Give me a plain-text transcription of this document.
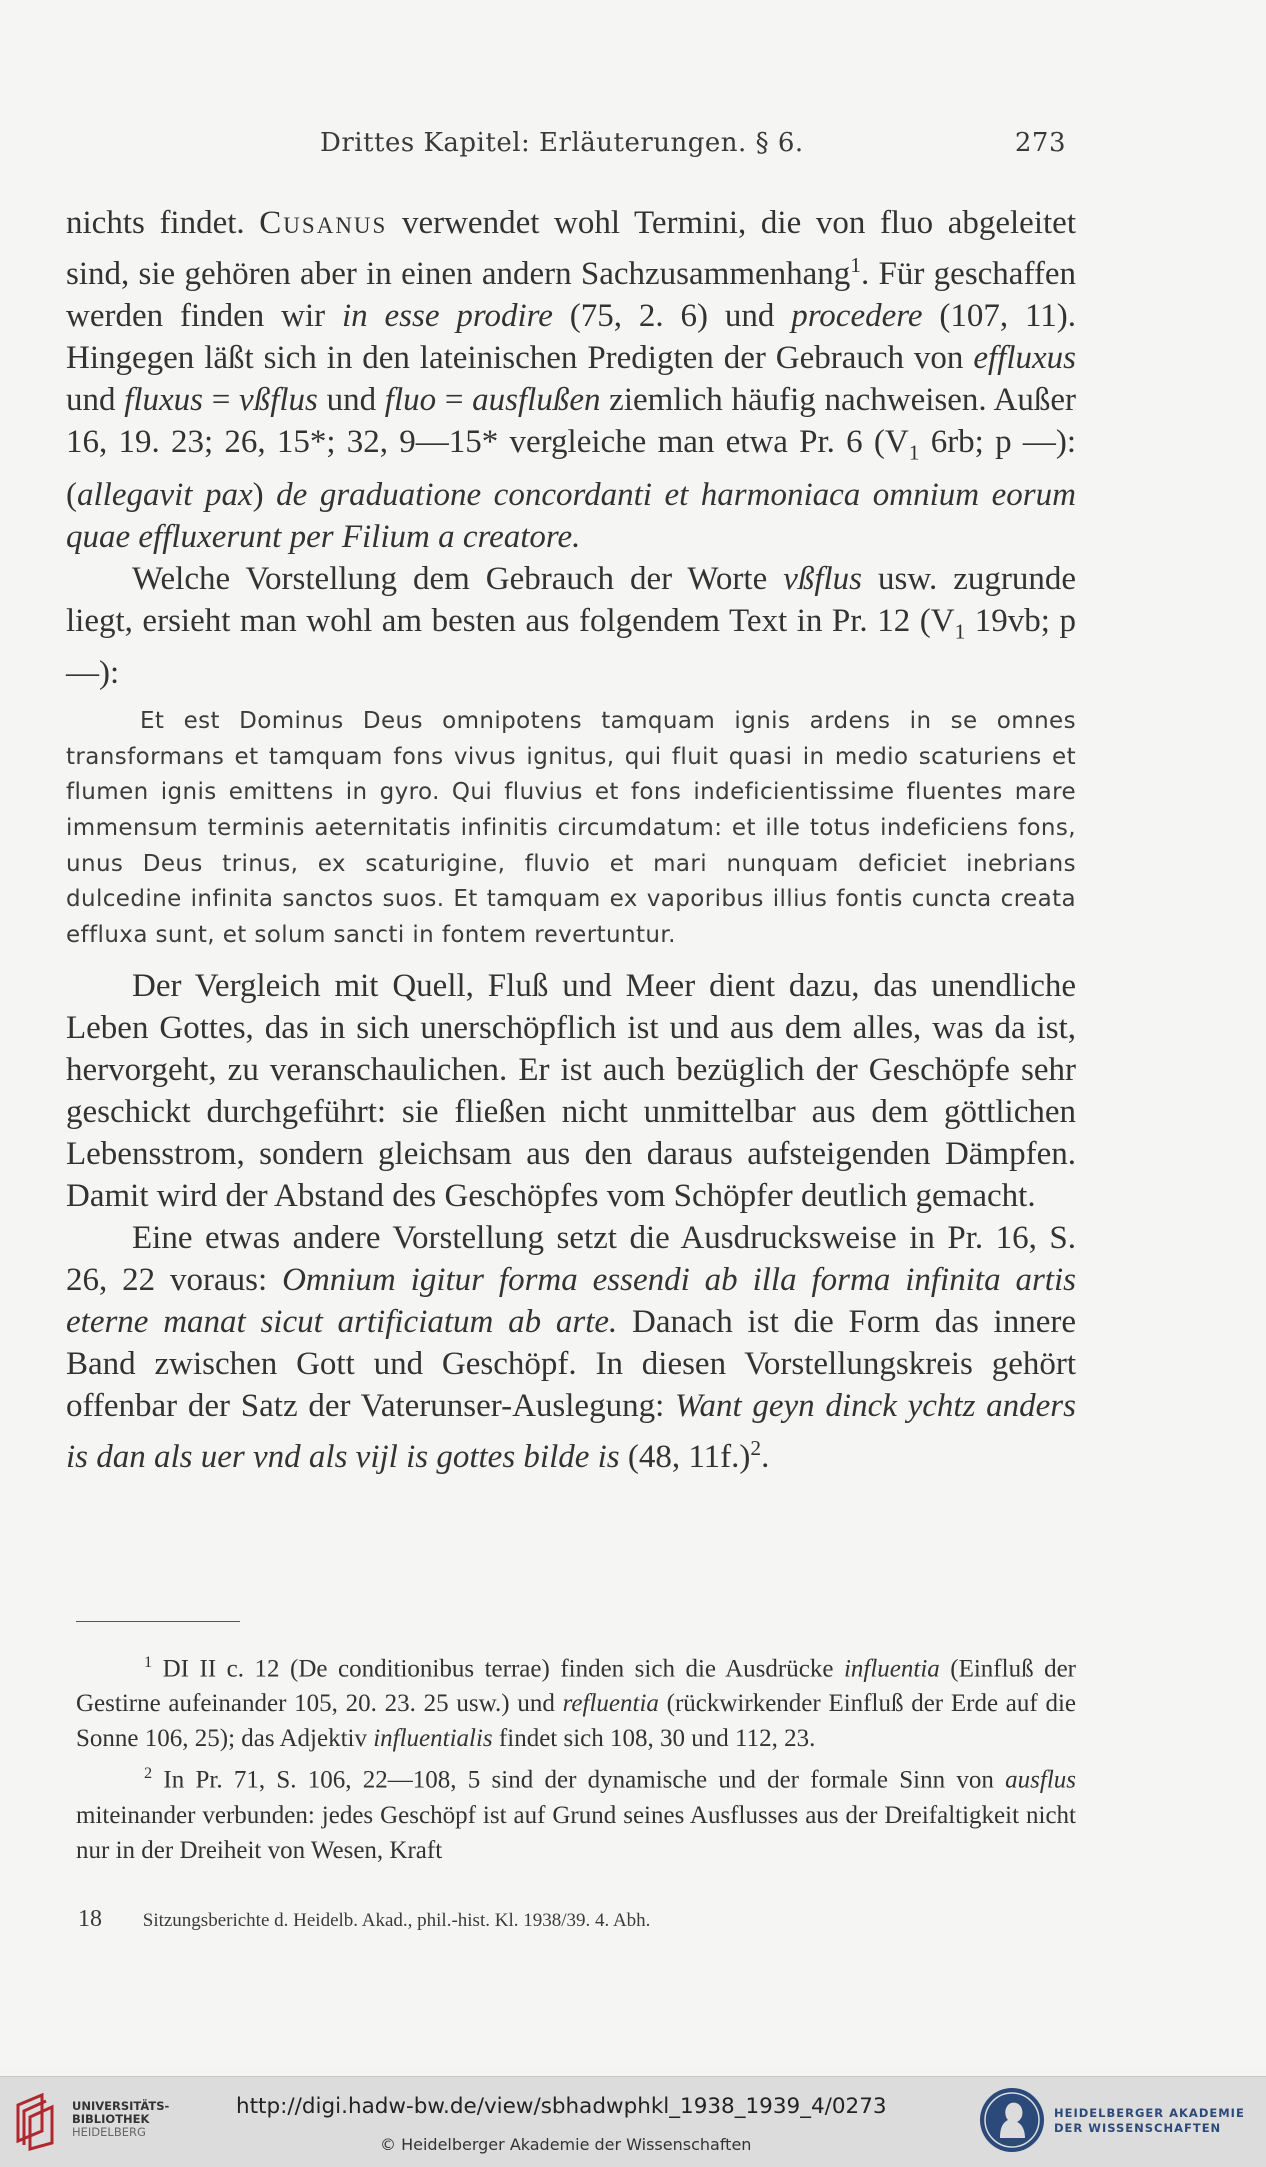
Drittes Kapitel: Erläuterungen. § 6.	273

nichts findet. Cusanus verwendet wohl Termini, die von fluo abgeleitet sind, sie gehören aber in einen andern Sachzusammenhang$^1$. Für geschaffen werden finden wir in esse prodire (75, 2. 6) und procedere (107, 11). Hingegen läßt sich in den lateinischen Predigten der Gebrauch von effluxus und fluxus = vßflus und fluo = ausflußen ziemlich häufig nachweisen. Außer 16, 19. 23; 26, 15*; 32, 9—15* vergleiche man etwa Pr. 6 ($V_1$ 6rb; p —): (allegavit pax) de graduatione concordanti et harmoniaca omnium eorum quae effluxerunt per Filium a creatore.

Welche Vorstellung dem Gebrauch der Worte vßflus usw. zugrunde liegt, ersieht man wohl am besten aus folgendem Text in Pr. 12 ($V_1$ 19vb; p —):

Et est Dominus Deus omnipotens tamquam ignis ardens in se omnes transformans et tamquam fons vivus ignitus, qui fluit quasi in medio scaturiens et flumen ignis emittens in gyro. Qui fluvius et fons indeficientissime fluentes mare immensum terminis aeternitatis infinitis circumdatum: et ille totus indeficiens fons, unus Deus trinus, ex scaturigine, fluvio et mari nunquam deficiet inebrians dulcedine infinita sanctos suos. Et tamquam ex vaporibus illius fontis cuncta creata effluxa sunt, et solum sancti in fontem revertuntur.

Der Vergleich mit Quell, Fluß und Meer dient dazu, das unendliche Leben Gottes, das in sich unerschöpflich ist und aus dem alles, was da ist, hervorgeht, zu veranschaulichen. Er ist auch bezüglich der Geschöpfe sehr geschickt durchgeführt: sie fließen nicht unmittelbar aus dem göttlichen Lebensstrom, sondern gleichsam aus den daraus aufsteigenden Dämpfen. Damit wird der Abstand des Geschöpfes vom Schöpfer deutlich gemacht.

Eine etwas andere Vorstellung setzt die Ausdrucksweise in Pr. 16, S. 26, 22 voraus: Omnium igitur forma essendi ab illa forma infinita artis eterne manat sicut artificiatum ab arte. Danach ist die Form das innere Band zwischen Gott und Geschöpf. In diesen Vorstellungskreis gehört offenbar der Satz der Vaterunser-Auslegung: Want geyn dinck ychtz anders is dan als uer vnd als vijl is gottes bilde is (48, 11f.)$^2$.

$^1$ DI II c. 12 (De conditionibus terrae) finden sich die Ausdrücke influentia (Einfluß der Gestirne aufeinander 105, 20. 23. 25 usw.) und refluentia (rückwirkender Einfluß der Erde auf die Sonne 106, 25); das Adjektiv influentialis findet sich 108, 30 und 112, 23.

$^2$ In Pr. 71, S. 106, 22—108, 5 sind der dynamische und der formale Sinn von ausflus miteinander verbunden: jedes Geschöpf ist auf Grund seines Ausflusses aus der Dreifaltigkeit nicht nur in der Dreiheit von Wesen, Kraft

18 Sitzungsberichte d. Heidelb. Akad., phil.-hist. Kl. 1938/39. 4. Abh.
UNIVERSITÄTS-
BIBLIOTHEK
HEIDELBERG
http://digi.hadw-bw.de/view/sbhadwphkl_1938_1939_4/0273
© Heidelberger Akademie der Wissenschaften
HEIDELBERGER AKADEMIE
DER WISSENSCHAFTEN
